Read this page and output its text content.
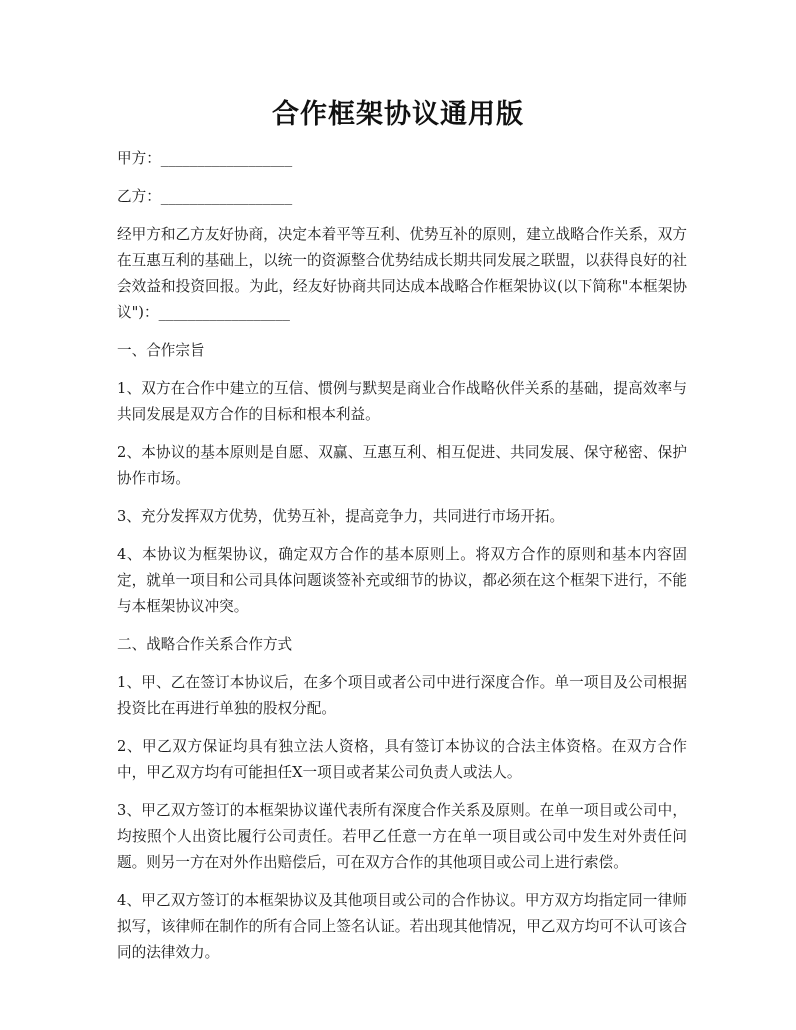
合作框架协议通用版

甲方：__________________

乙方：__________________

经甲方和乙方友好协商，决定本着平等互利、优势互补的原则，建立战略合作关系，双方在互惠互利的基础上，以统一的资源整合优势结成长期共同发展之联盟，以获得良好的社会效益和投资回报。为此，经友好协商共同达成本战略合作框架协议(以下简称"本框架协议")：__________________

一、合作宗旨

1、双方在合作中建立的互信、惯例与默契是商业合作战略伙伴关系的基础，提高效率与共同发展是双方合作的目标和根本利益。

2、本协议的基本原则是自愿、双赢、互惠互利、相互促进、共同发展、保守秘密、保护协作市场。

3、充分发挥双方优势，优势互补，提高竞争力，共同进行市场开拓。

4、本协议为框架协议，确定双方合作的基本原则上。将双方合作的原则和基本内容固定，就单一项目和公司具体问题谈签补充或细节的协议，都必须在这个框架下进行，不能与本框架协议冲突。

二、战略合作关系合作方式

1、甲、乙在签订本协议后，在多个项目或者公司中进行深度合作。单一项目及公司根据投资比在再进行单独的股权分配。

2、甲乙双方保证均具有独立法人资格，具有签订本协议的合法主体资格。在双方合作中，甲乙双方均有可能担任X一项目或者某公司负责人或法人。

3、甲乙双方签订的本框架协议谨代表所有深度合作关系及原则。在单一项目或公司中，均按照个人出资比履行公司责任。若甲乙任意一方在单一项目或公司中发生对外责任问题。则另一方在对外作出赔偿后，可在双方合作的其他项目或公司上进行索偿。

4、甲乙双方签订的本框架协议及其他项目或公司的合作协议。甲方双方均指定同一律师拟写，该律师在制作的所有合同上签名认证。若出现其他情况，甲乙双方均可不认可该合同的法律效力。
